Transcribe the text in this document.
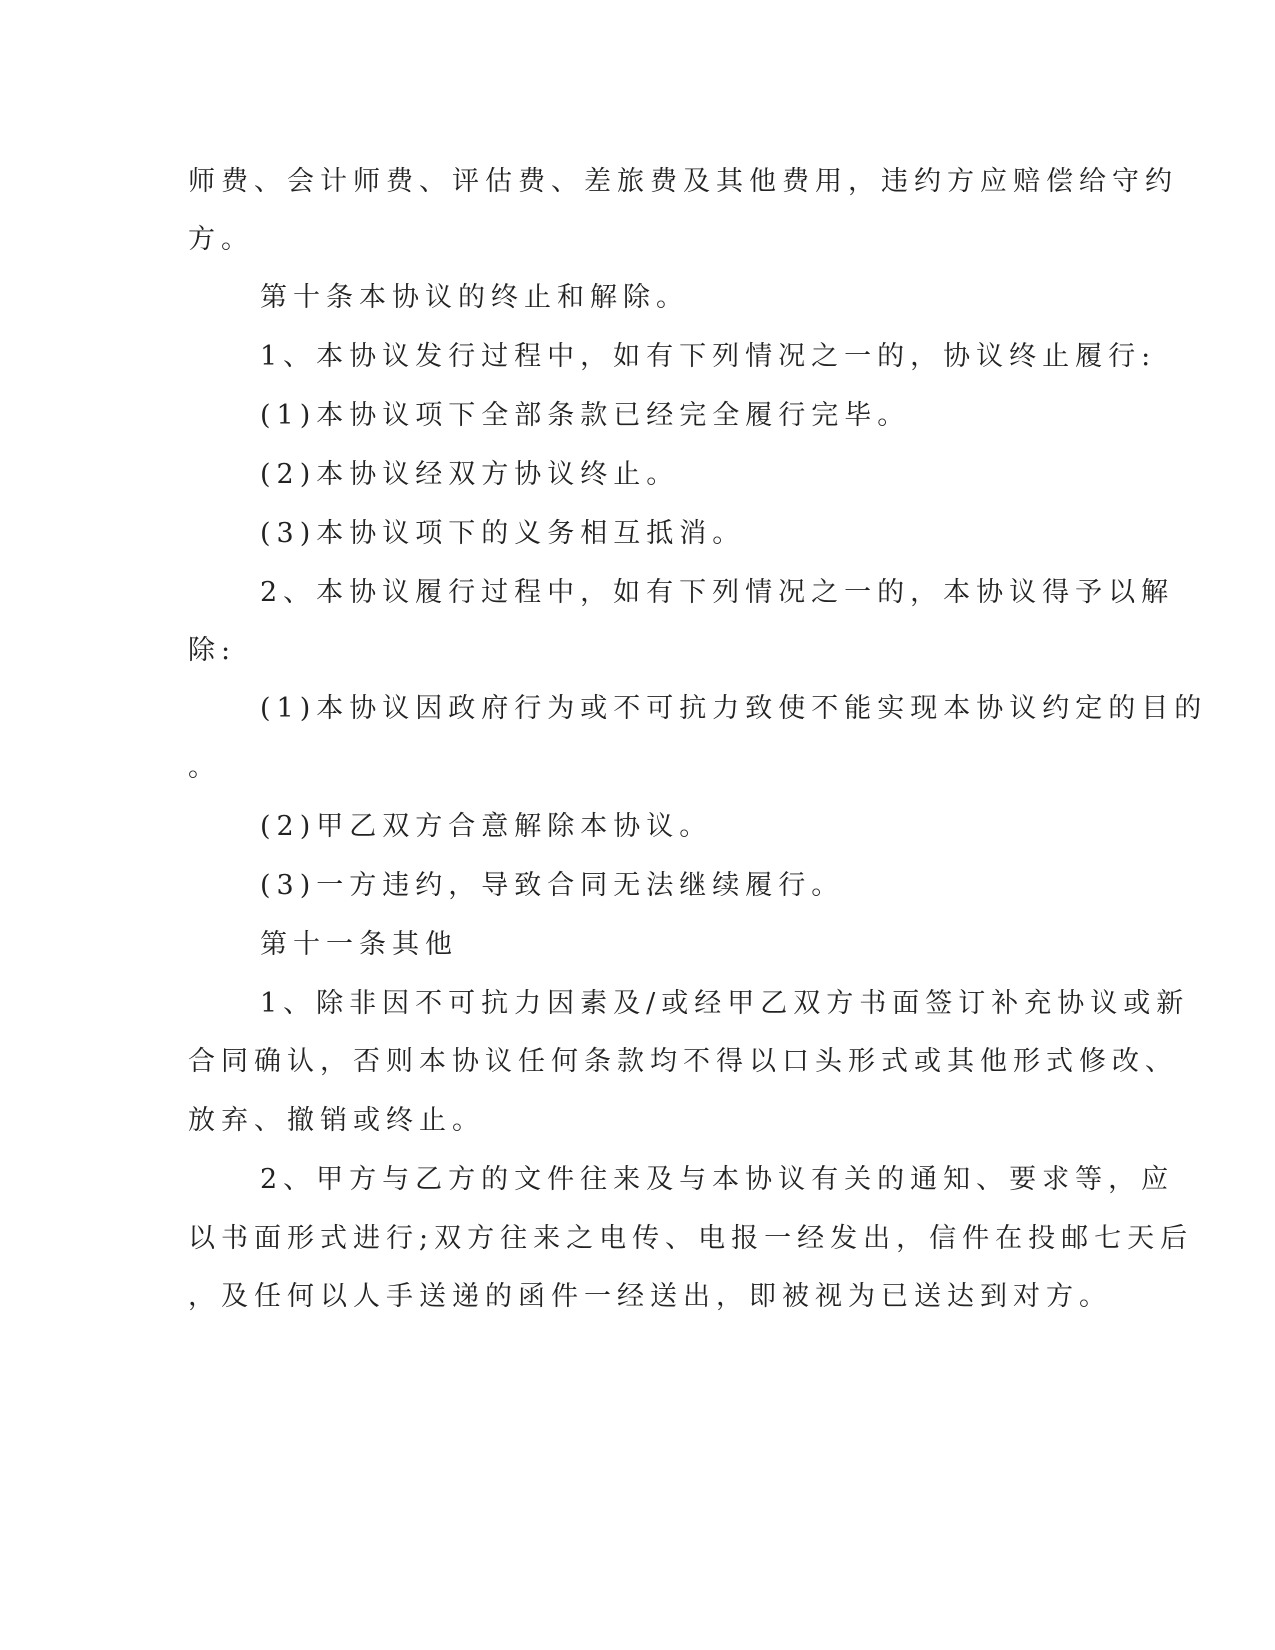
师费、会计师费、评估费、差旅费及其他费用，违约方应赔偿给守约
方。
第十条本协议的终止和解除。
1、本协议发行过程中，如有下列情况之一的，协议终止履行:
(1)本协议项下全部条款已经完全履行完毕。
(2)本协议经双方协议终止。
(3)本协议项下的义务相互抵消。
2、本协议履行过程中，如有下列情况之一的，本协议得予以解
除:
(1)本协议因政府行为或不可抗力致使不能实现本协议约定的目的
。
(2)甲乙双方合意解除本协议。
(3)一方违约，导致合同无法继续履行。
第十一条其他
1、除非因不可抗力因素及/或经甲乙双方书面签订补充协议或新
合同确认，否则本协议任何条款均不得以口头形式或其他形式修改、
放弃、撤销或终止。
2、甲方与乙方的文件往来及与本协议有关的通知、要求等，应
以书面形式进行;双方往来之电传、电报一经发出，信件在投邮七天后
，及任何以人手送递的函件一经送出，即被视为已送达到对方。
